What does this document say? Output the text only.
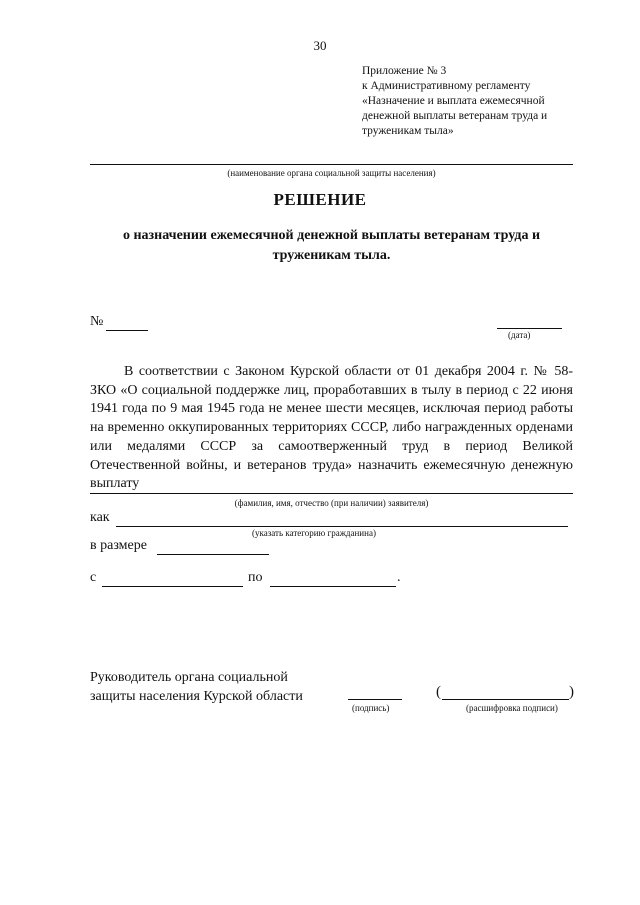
30
Приложение № 3
к Административному регламенту
«Назначение и выплата ежемесячной
денежной выплаты ветеранам труда и
труженикам тыла»
(наименование органа социальной защиты населения)
РЕШЕНИЕ
о назначении ежемесячной денежной выплаты ветеранам труда и
труженикам тыла.
№
(дата)
В соответствии с Законом Курской области от 01 декабря 2004 г. № 58-ЗКО «О социальной поддержке лиц, проработавших в тылу в период с 22 июня 1941 года по 9 мая 1945 года не менее шести месяцев, исключая период работы на временно оккупированных территориях СССР, либо награжденных орденами или медалями СССР за самоотверженный труд в период Великой Отечественной войны, и ветеранов труда» назначить ежемесячную денежную выплату
(фамилия, имя, отчество (при наличии) заявителя)
как
(указать категорию гражданина)
в размере
с	по	.
Руководитель органа социальной
защиты населения Курской области
(подпись)
(	)
(расшифровка подписи)
